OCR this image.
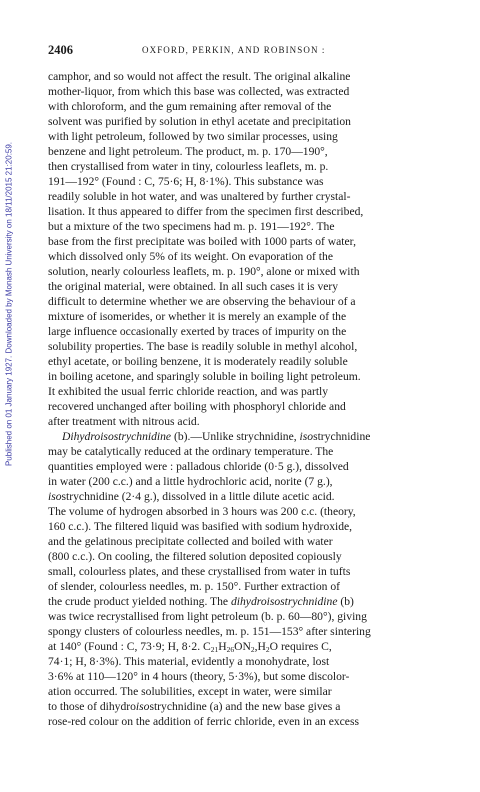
2406	OXFORD, PERKIN, AND ROBINSON :
Published on 01 January 1927. Downloaded by Monash University on 18/11/2015 21:20:59.
camphor, and so would not affect the result. The original alkaline
mother-liquor, from which this base was collected, was extracted
with chloroform, and the gum remaining after removal of the
solvent was purified by solution in ethyl acetate and precipitation
with light petroleum, followed by two similar processes, using
benzene and light petroleum. The product, m. p. 170—190°,
then crystallised from water in tiny, colourless leaflets, m. p.
191—192° (Found : C, 75·6; H, 8·1%). This substance was
readily soluble in hot water, and was unaltered by further crystal-
lisation. It thus appeared to differ from the specimen first described,
but a mixture of the two specimens had m. p. 191—192°. The
base from the first precipitate was boiled with 1000 parts of water,
which dissolved only 5% of its weight. On evaporation of the
solution, nearly colourless leaflets, m. p. 190°, alone or mixed with
the original material, were obtained. In all such cases it is very
difficult to determine whether we are observing the behaviour of a
mixture of isomerides, or whether it is merely an example of the
large influence occasionally exerted by traces of impurity on the
solubility properties. The base is readily soluble in methyl alcohol,
ethyl acetate, or boiling benzene, it is moderately readily soluble
in boiling acetone, and sparingly soluble in boiling light petroleum.
It exhibited the usual ferric chloride reaction, and was partly
recovered unchanged after boiling with phosphoryl chloride and
after treatment with nitrous acid.
Dihydroisostrychnidine (b).—Unlike strychnidine, isostrychnidine
may be catalytically reduced at the ordinary temperature. The
quantities employed were : palladous chloride (0·5 g.), dissolved
in water (200 c.c.) and a little hydrochloric acid, norite (7 g.),
isostrychnidine (2·4 g.), dissolved in a little dilute acetic acid.
The volume of hydrogen absorbed in 3 hours was 200 c.c. (theory,
160 c.c.). The filtered liquid was basified with sodium hydroxide,
and the gelatinous precipitate collected and boiled with water
(800 c.c.). On cooling, the filtered solution deposited copiously
small, colourless plates, and these crystallised from water in tufts
of slender, colourless needles, m. p. 150°. Further extraction of
the crude product yielded nothing. The dihydroisostrychnidine (b)
was twice recrystallised from light petroleum (b. p. 60—80°), giving
spongy clusters of colourless needles, m. p. 151—153° after sintering
at 140° (Found : C, 73·9; H, 8·2. $C_{21}H_{26}ON_2,H_2O$ requires C,
74·1; H, 8·3%). This material, evidently a monohydrate, lost
3·6% at 110—120° in 4 hours (theory, 5·3%), but some discolor-
ation occurred. The solubilities, except in water, were similar
to those of dihydroisostrychnidine (a) and the new base gives a
rose-red colour on the addition of ferric chloride, even in an excess
